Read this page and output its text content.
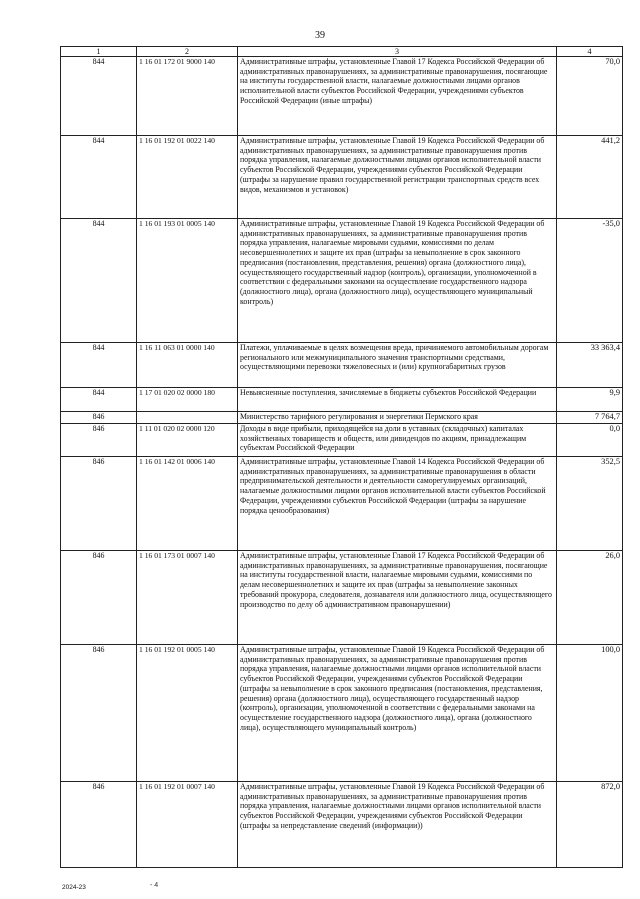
39
1	2	3	4
844	1 16 01 172 01 9000 140	Административные штрафы, установленные Главой 17 Кодекса Российской Федерации об административных правонарушениях, за административные правонарушения, посягающие на институты государственной власти, налагаемые должностными лицами органов исполнительной власти субъектов Российской Федерации, учреждениями субъектов Российской Федерации (иные штрафы)	70,0
844	1 16 01 192 01 0022 140	Административные штрафы, установленные Главой 19 Кодекса Российской Федерации об административных правонарушениях, за административные правонарушения против порядка управления, налагаемые должностными лицами органов исполнительной власти субъектов Российской Федерации, учреждениями субъектов Российской Федерации (штрафы за нарушение правил государственной регистрации транспортных средств всех видов, механизмов и установок)	441,2
844	1 16 01 193 01 0005 140	Административные штрафы, установленные Главой 19 Кодекса Российской Федерации об административных правонарушениях, за административные правонарушения против порядка управления, налагаемые мировыми судьями, комиссиями по делам несовершеннолетних и защите их прав (штрафы за невыполнение в срок законного предписания (постановления, представления, решения) органа (должностного лица), осуществляющего государственный надзор (контроль), организации, уполномоченной в соответствии с федеральными законами на осуществление государственного надзора (должностного лица), органа (должностного лица), осуществляющего муниципальный контроль)	-35,0
844	1 16 11 063 01 0000 140	Платежи, уплачиваемые в целях возмещения вреда, причиняемого автомобильным дорогам регионального или межмуниципального значения транспортными средствами, осуществляющими перевозки тяжеловесных и (или) крупногабаритных грузов	33 363,4
844	1 17 01 020 02 0000 180	Невыясненные поступления, зачисляемые в бюджеты субъектов Российской Федерации	9,9
846		Министерство тарифного регулирования и энергетики Пермского края	7 764,7
846	1 11 01 020 02 0000 120	Доходы в виде прибыли, приходящейся на доли в уставных (складочных) капиталах хозяйственных товариществ и обществ, или дивидендов по акциям, принадлежащим субъектам Российской Федерации	0,0
846	1 16 01 142 01 0006 140	Административные штрафы, установленные Главой 14 Кодекса Российской Федерации об административных правонарушениях, за административные правонарушения в области предпринимательской деятельности и деятельности саморегулируемых организаций, налагаемые должностными лицами органов исполнительной власти субъектов Российской Федерации, учреждениями субъектов Российской Федерации (штрафы за нарушение порядка ценообразования)	352,5
846	1 16 01 173 01 0007 140	Административные штрафы, установленные Главой 17 Кодекса Российской Федерации об административных правонарушениях, за административные правонарушения, посягающие на институты государственной власти, налагаемые мировыми судьями, комиссиями по делам несовершеннолетних и защите их прав (штрафы за невыполнение законных требований прокурора, следователя, дознавателя или должностного лица, осуществляющего производство по делу об административном правонарушении)	26,0
846	1 16 01 192 01 0005 140	Административные штрафы, установленные Главой 19 Кодекса Российской Федерации об административных правонарушениях, за административные правонарушения против порядка управления, налагаемые должностными лицами органов исполнительной власти субъектов Российской Федерации, учреждениями субъектов Российской Федерации (штрафы за невыполнение в срок законного предписания (постановления, представления, решения) органа (должностного лица), осуществляющего государственный надзор (контроль), организации, уполномоченной в соответствии с федеральными законами на осуществление государственного надзора (должностного лица), органа (должностного лица), осуществляющего муниципальный контроль)	100,0
846	1 16 01 192 01 0007 140	Административные штрафы, установленные Главой 19 Кодекса Российской Федерации об административных правонарушениях, за административные правонарушения против порядка управления, налагаемые должностными лицами органов исполнительной власти субъектов Российской Федерации, учреждениями субъектов Российской Федерации (штрафы за непредставление сведений (информации))	872,0
2024-23	- 4
